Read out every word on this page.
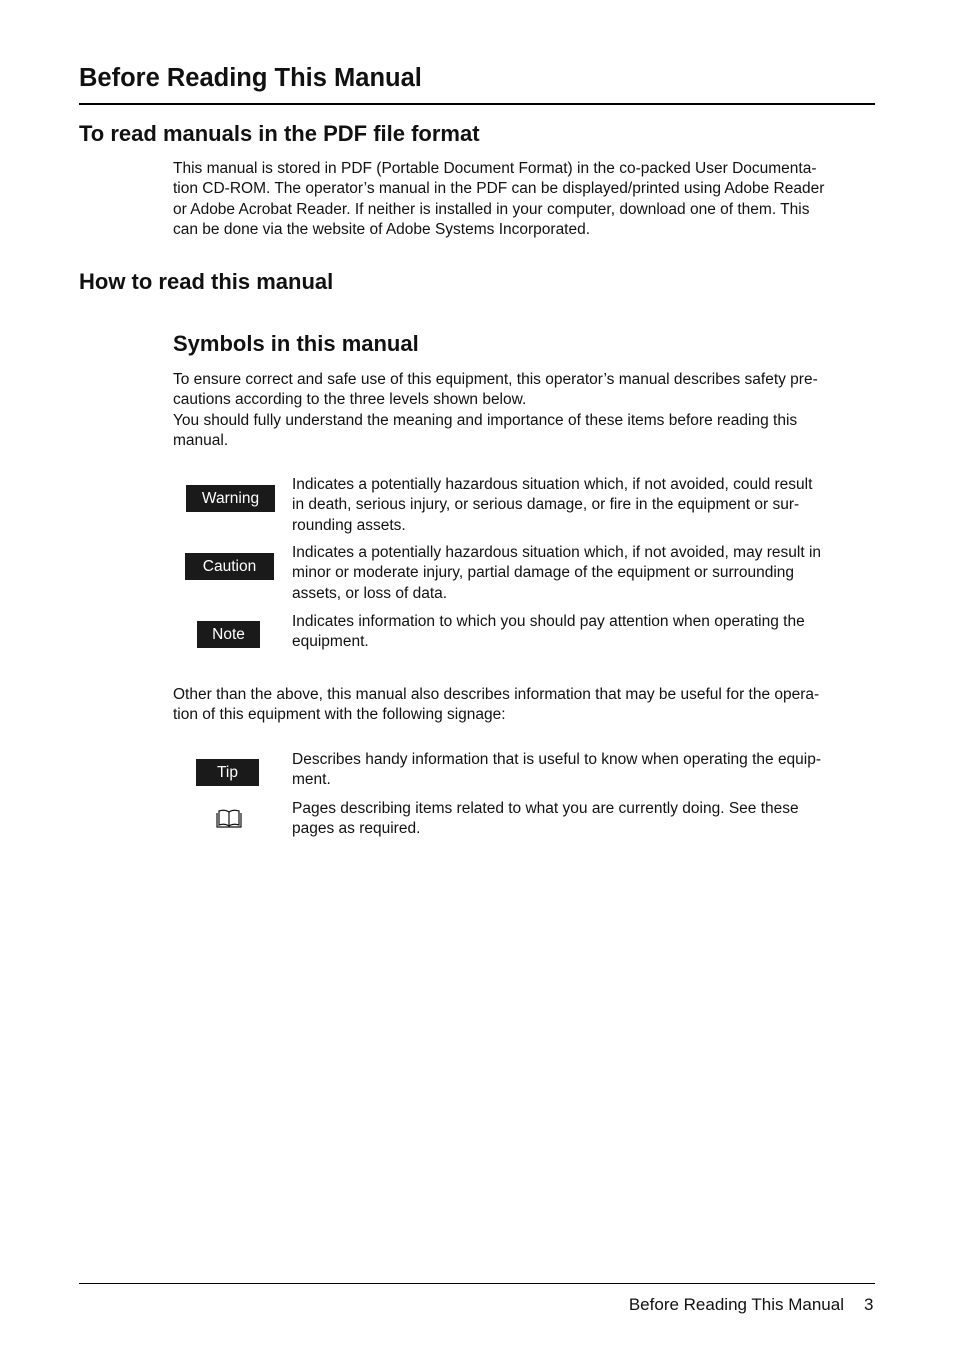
Before Reading This Manual
To read manuals in the PDF file format
This manual is stored in PDF (Portable Document Format) in the co-packed User Documenta-
tion CD-ROM. The operator’s manual in the PDF can be displayed/printed using Adobe Reader
or Adobe Acrobat Reader. If neither is installed in your computer, download one of them. This
can be done via the website of Adobe Systems Incorporated.
How to read this manual
Symbols in this manual
To ensure correct and safe use of this equipment, this operator’s manual describes safety pre-
cautions according to the three levels shown below.
You should fully understand the meaning and importance of these items before reading this
manual.
Warning
Indicates a potentially hazardous situation which, if not avoided, could result
in death, serious injury, or serious damage, or fire in the equipment or sur-
rounding assets.
Caution
Indicates a potentially hazardous situation which, if not avoided, may result in
minor or moderate injury, partial damage of the equipment or surrounding
assets, or loss of data.
Note
Indicates information to which you should pay attention when operating the
equipment.
Other than the above, this manual also describes information that may be useful for the opera-
tion of this equipment with the following signage:
Tip
Describes handy information that is useful to know when operating the equip-
ment.
Pages describing items related to what you are currently doing. See these
pages as required.

Before Reading This Manual 3
